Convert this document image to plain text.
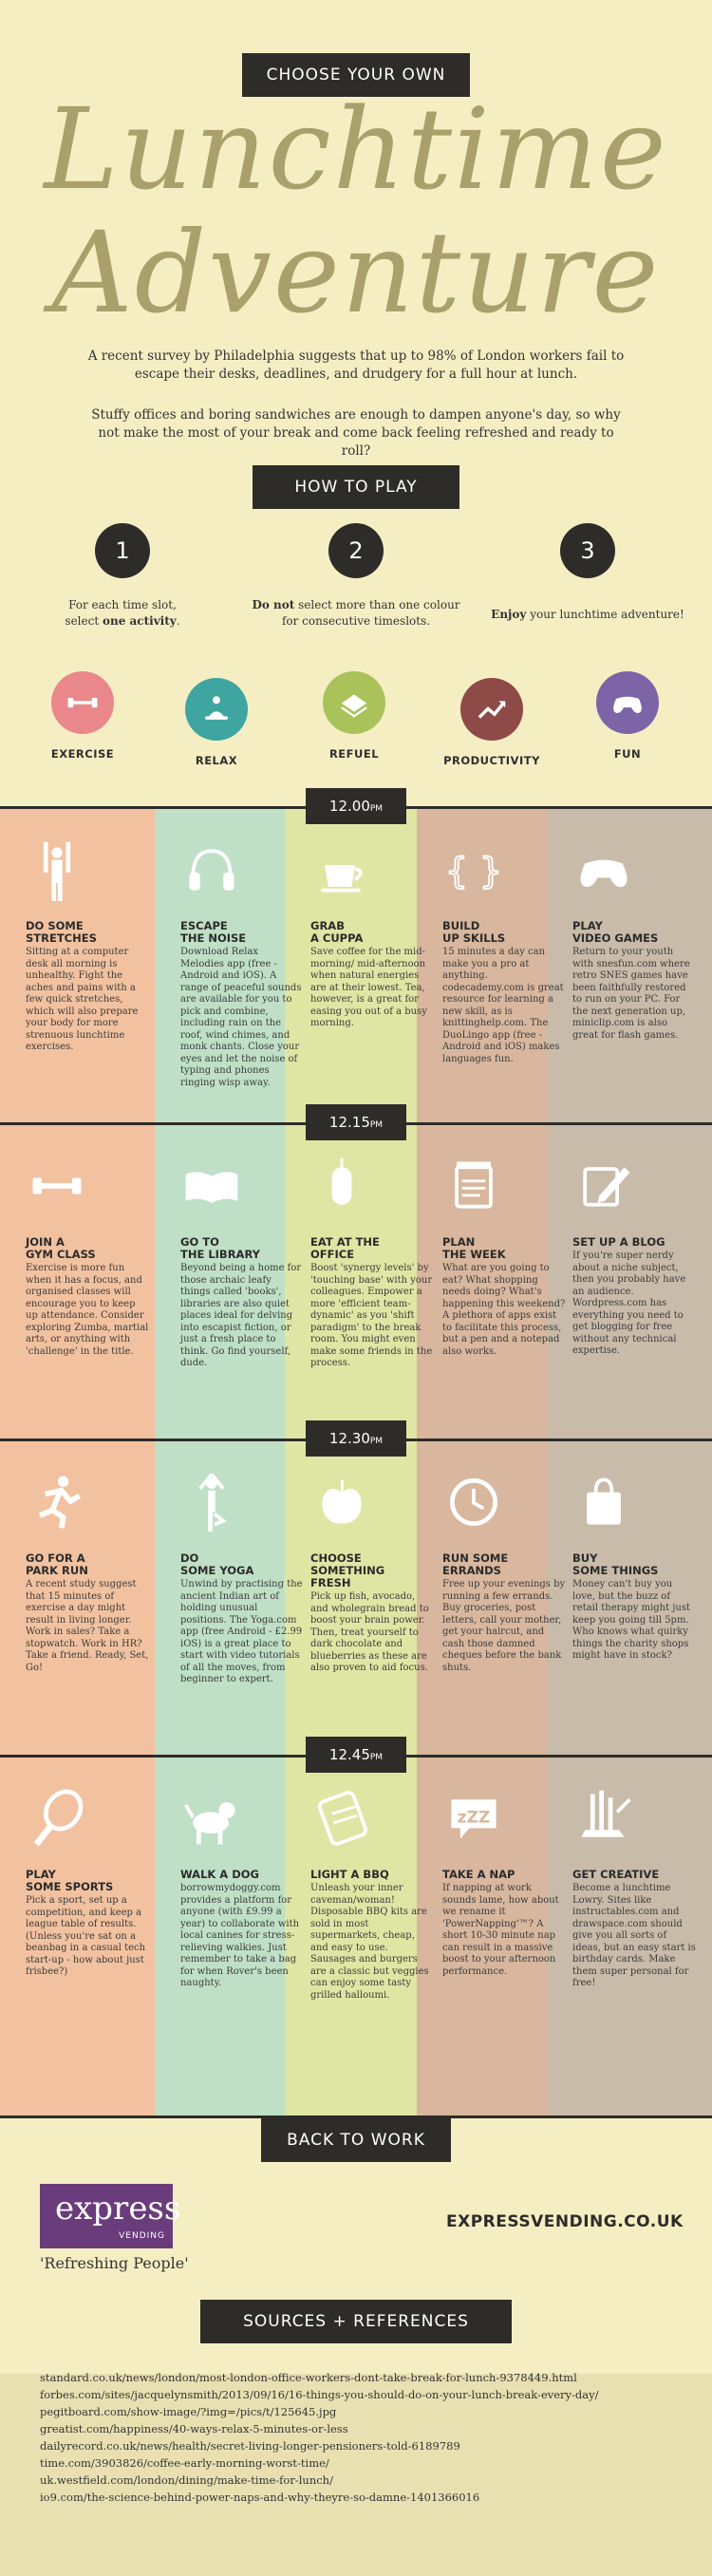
CHOOSE YOUR OWN
Lunchtime
Adventure

A recent survey by Philadelphia suggests that up to 98% of London workers fail to escape their desks, deadlines, and drudgery for a full hour at lunch.

Stuffy offices and boring sandwiches are enough to dampen anyone's day, so why not make the most of your break and come back feeling refreshed and ready to roll?

HOW TO PLAY
1
For each time slot,
select one activity.
2
Do not select more than one colour
for consecutive timeslots.
3
Enjoy your lunchtime adventure!
EXERCISE	RELAX	REFUEL	PRODUCTIVITY	FUN
12.00PM
DO SOME
STRETCHES

Sitting at a computer desk all morning is unhealthy. Fight the aches and pains with a few quick stretches, which will also prepare your body for more strenuous lunchtime exercises.

ESCAPE
THE NOISE

Download Relax Melodies app (free - Android and iOS). A range of peaceful sounds are available for you to pick and combine, including rain on the roof, wind chimes, and monk chants. Close your eyes and let the noise of typing and phones ringing wisp away.

GRAB
A CUPPA

Save coffee for the mid-morning/ mid-afternoon when natural energies are at their lowest. Tea, however, is a great for easing you out of a busy morning.

{ }
BUILD
UP SKILLS

15 minutes a day can make you a pro at anything. codecademy.com is great resource for learning a new skill, as is knittinghelp.com. The DuoLingo app (free - Android and iOS) makes languages fun.

PLAY
VIDEO GAMES

Return to your youth with snesfun.com where retro SNES games have been faithfully restored to run on your PC. For the next generation up, miniclip.com is also great for flash games.

12.15PM
JOIN A
GYM CLASS

Exercise is more fun when it has a focus, and organised classes will encourage you to keep up attendance. Consider exploring Zumba, martial arts, or anything with 'challenge' in the title.

GO TO
THE LIBRARY

Beyond being a home for those archaic leafy things called 'books', libraries are also quiet places ideal for delving into escapist fiction, or just a fresh place to think. Go find yourself, dude.

EAT AT THE
OFFICE

Boost 'synergy levels' by 'touching base' with your colleagues. Empower a more 'efficient team-dynamic' as you 'shift paradigm' to the break room. You might even make some friends in the process.

PLAN
THE WEEK

What are you going to eat? What shopping needs doing? What's happening this weekend? A plethora of apps exist to facilitate this process, but a pen and a notepad also works.

SET UP A BLOG

If you're super nerdy about a niche subject, then you probably have an audience. Wordpress.com has everything you need to get blogging for free without any technical expertise.

12.30PM
GO FOR A
PARK RUN

A recent study suggest that 15 minutes of exercise a day might result in living longer. Work in sales? Take a stopwatch. Work in HR? Take a friend. Ready, Set, Go!

DO
SOME YOGA

Unwind by practising the ancient Indian art of holding unusual positions. The Yoga.com app (free Android - £2.99 iOS) is a great place to start with video tutorials of all the moves, from beginner to expert.

CHOOSE
SOMETHING
FRESH

Pick up fish, avocado, and wholegrain bread to boost your brain power. Then, treat yourself to dark chocolate and blueberries as these are also proven to aid focus.

RUN SOME
ERRANDS

Free up your evenings by running a few errands. Buy groceries, post letters, call your mother, get your haircut, and cash those damned cheques before the bank shuts.

BUY
SOME THINGS

Money can't buy you love, but the buzz of retail therapy might just keep you going till 5pm. Who knows what quirky things the charity shops might have in stock?

12.45PM
PLAY
SOME SPORTS

Pick a sport, set up a competition, and keep a league table of results. (Unless you're sat on a beanbag in a casual tech start-up - how about just frisbee?)

WALK A DOG

borrowmydoggy.com provides a platform for anyone (with £9.99 a year) to collaborate with local canines for stress-relieving walkies. Just remember to take a bag for when Rover's been naughty.

LIGHT A BBQ

Unleash your inner caveman/woman! Disposable BBQ kits are sold in most supermarkets, cheap, and easy to use. Sausages and burgers are a classic but veggies can enjoy some tasty grilled halloumi.

zZZ
TAKE A NAP

If napping at work sounds lame, how about we rename it 'PowerNapping'™? A short 10-30 minute nap can result in a massive boost to your afternoon performance.

GET CREATIVE

Become a lunchtime Lowry. Sites like instructables.com and drawspace.com should give you all sorts of ideas, but an easy start is birthday cards. Make them super personal for free!

BACK TO WORK
express
VENDING
'Refreshing People'
EXPRESSVENDING.CO.UK
SOURCES + REFERENCES
standard.co.uk/news/london/most-london-office-workers-dont-take-break-for-lunch-9378449.html
forbes.com/sites/jacquelynsmith/2013/09/16/16-things-you-should-do-on-your-lunch-break-every-day/
pegitboard.com/show-image/?img=/pics/t/125645.jpg
greatist.com/happiness/40-ways-relax-5-minutes-or-less
dailyrecord.co.uk/news/health/secret-living-longer-pensioners-told-6189789
time.com/3903826/coffee-early-morning-worst-time/
uk.westfield.com/london/dining/make-time-for-lunch/
io9.com/the-science-behind-power-naps-and-why-theyre-so-damne-1401366016
